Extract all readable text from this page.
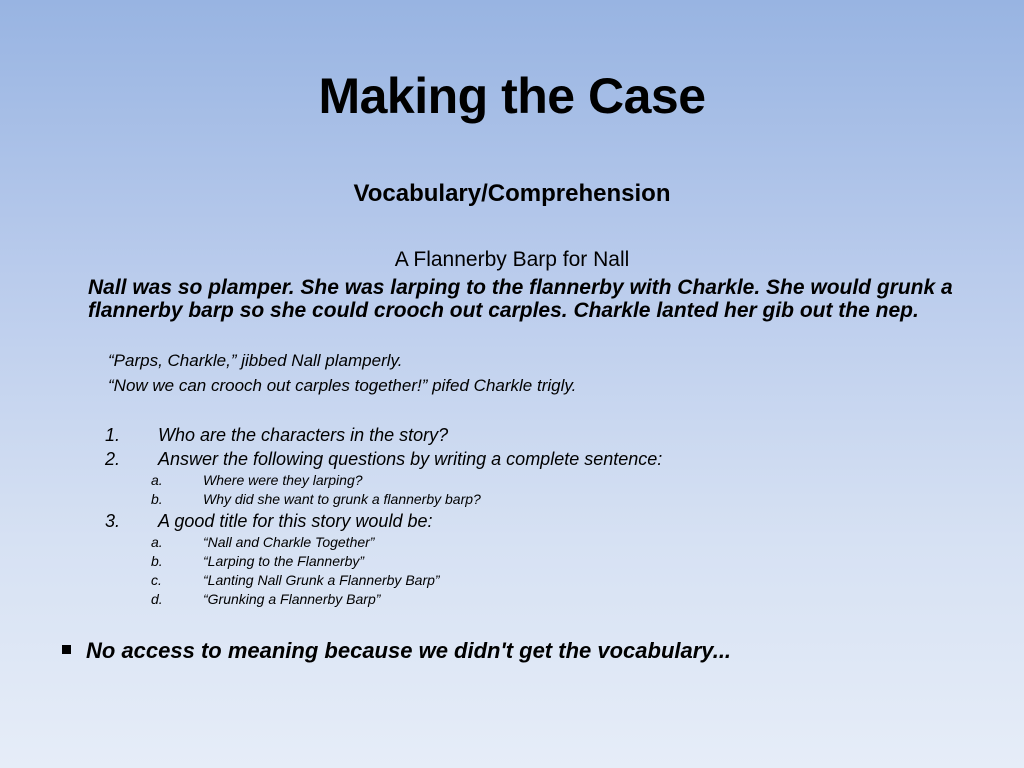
Making the Case
Vocabulary/Comprehension
A Flannerby Barp for Nall
Nall was so plamper. She was larping to the flannerby with Charkle. She would grunk a flannerby barp so she could crooch out carples. Charkle lanted her gib out the nep.
“Parps, Charkle,” jibbed Nall plamperly.
“Now we can crooch out carples together!” pifed Charkle trigly.
1. Who are the characters in the story?
2. Answer the following questions by writing a complete sentence:
a.	Where were they larping?
b.	Why did she want to grunk a flannerby barp?
3. A good title for this story would be:
a.	“Nall and Charkle Together”
b.	“Larping to the Flannerby”
c.	“Lanting Nall Grunk a Flannerby Barp”
d.	“Grunking a Flannerby Barp”
No access to meaning because we didn't get the vocabulary...
